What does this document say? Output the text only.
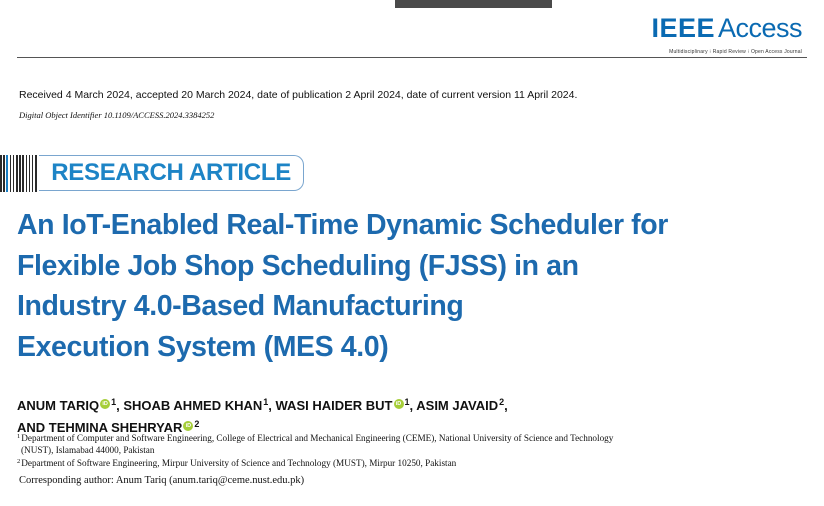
IEEE Access
Multidisciplinary ⁝ Rapid Review ⁝ Open Access Journal
Received 4 March 2024, accepted 20 March 2024, date of publication 2 April 2024, date of current version 11 April 2024.
Digital Object Identifier 10.1109/ACCESS.2024.3384252
RESEARCH ARTICLE
An IoT-Enabled Real-Time Dynamic Scheduler for
Flexible Job Shop Scheduling (FJSS) in an
Industry 4.0-Based Manufacturing
Execution System (MES 4.0)
ANUM TARIQ iD $^1$, SHOAB AHMED KHAN$^1$, WASI HAIDER BUT iD $^1$, ASIM JAVAID$^2$,
AND TEHMINA SHEHRYAR iD $^2$
$^1$Department of Computer and Software Engineering, College of Electrical and Mechanical Engineering (CEME), National University of Science and Technology
(NUST), Islamabad 44000, Pakistan
$^2$Department of Software Engineering, Mirpur University of Science and Technology (MUST), Mirpur 10250, Pakistan
Corresponding author: Anum Tariq (anum.tariq@ceme.nust.edu.pk)
